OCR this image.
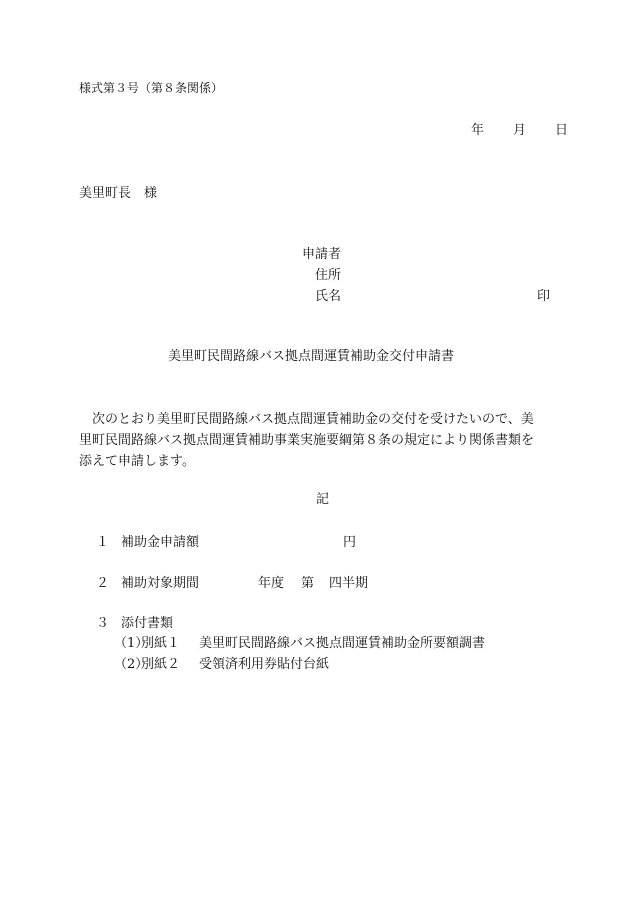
様式第３号（第８条関係）
年 月 日
美里町長　様
申請者
住所
氏名	印
美里町民間路線バス拠点間運賃補助金交付申請書
次のとおり美里町民間路線バス拠点間運賃補助金の交付を受けたいので、美
里町民間路線バス拠点間運賃補助事業実施要綱第８条の規定により関係書類を
添えて申請します。
記
１ 補助金申請額	円
２ 補助対象期間	年度 第 四半期
３ 添付書類
（1）
別紙１ 美里町民間路線バス拠点間運賃補助金所要額調書
（2）
別紙２ 受領済利用券貼付台紙
